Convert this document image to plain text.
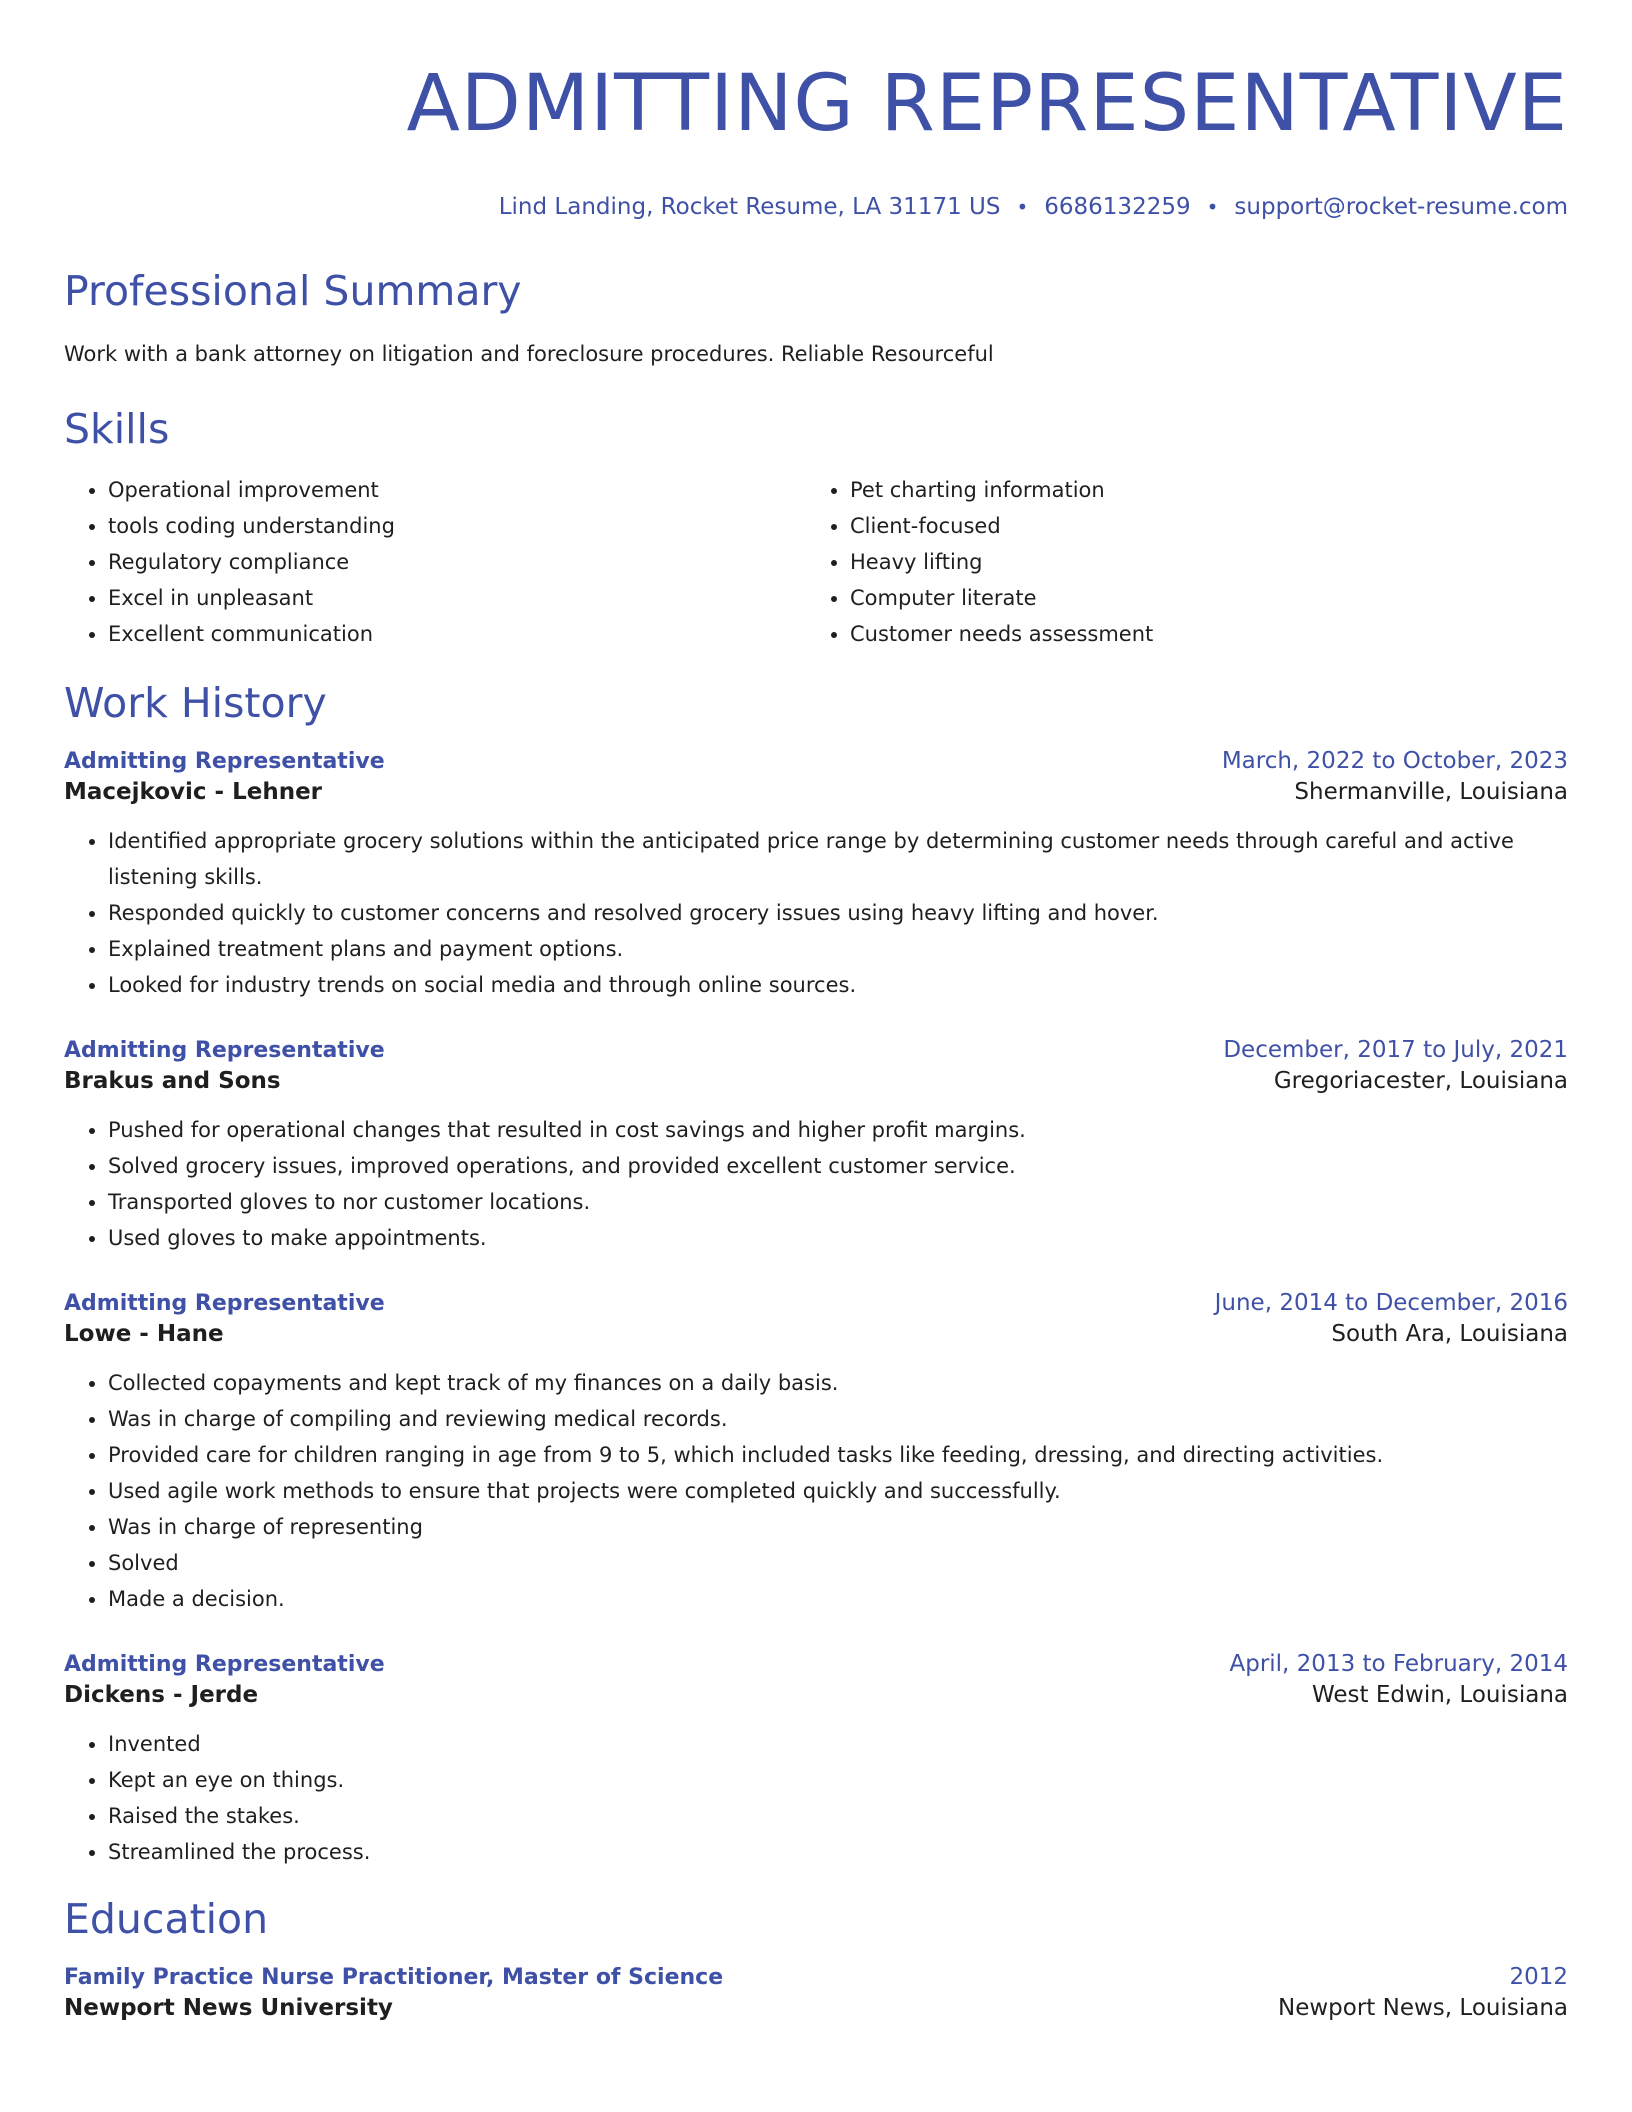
ADMITTING REPRESENTATIVE
Lind Landing, Rocket Resume, LA 31171 US • 6686132259 • support@rocket-resume.com
Professional Summary
Work with a bank attorney on litigation and foreclosure procedures. Reliable Resourceful
Skills
• Operational improvement
• tools coding understanding
• Regulatory compliance
• Excel in unpleasant
• Excellent communication
• Pet charting information
• Client-focused
• Heavy lifting
• Computer literate
• Customer needs assessment
Work History
Admitting Representative	March, 2022 to October, 2023
Macejkovic - Lehner	Shermanville, Louisiana
• Identified appropriate grocery solutions within the anticipated price range by determining customer needs through careful and active listening skills.
• Responded quickly to customer concerns and resolved grocery issues using heavy lifting and hover.
• Explained treatment plans and payment options.
• Looked for industry trends on social media and through online sources.
Admitting Representative	December, 2017 to July, 2021
Brakus and Sons	Gregoriacester, Louisiana
• Pushed for operational changes that resulted in cost savings and higher profit margins.
• Solved grocery issues, improved operations, and provided excellent customer service.
• Transported gloves to nor customer locations.
• Used gloves to make appointments.
Admitting Representative	June, 2014 to December, 2016
Lowe - Hane	South Ara, Louisiana
• Collected copayments and kept track of my finances on a daily basis.
• Was in charge of compiling and reviewing medical records.
• Provided care for children ranging in age from 9 to 5, which included tasks like feeding, dressing, and directing activities.
• Used agile work methods to ensure that projects were completed quickly and successfully.
• Was in charge of representing
• Solved
• Made a decision.
Admitting Representative	April, 2013 to February, 2014
Dickens - Jerde	West Edwin, Louisiana
• Invented
• Kept an eye on things.
• Raised the stakes.
• Streamlined the process.
Education
Family Practice Nurse Practitioner, Master of Science	2012
Newport News University	Newport News, Louisiana
